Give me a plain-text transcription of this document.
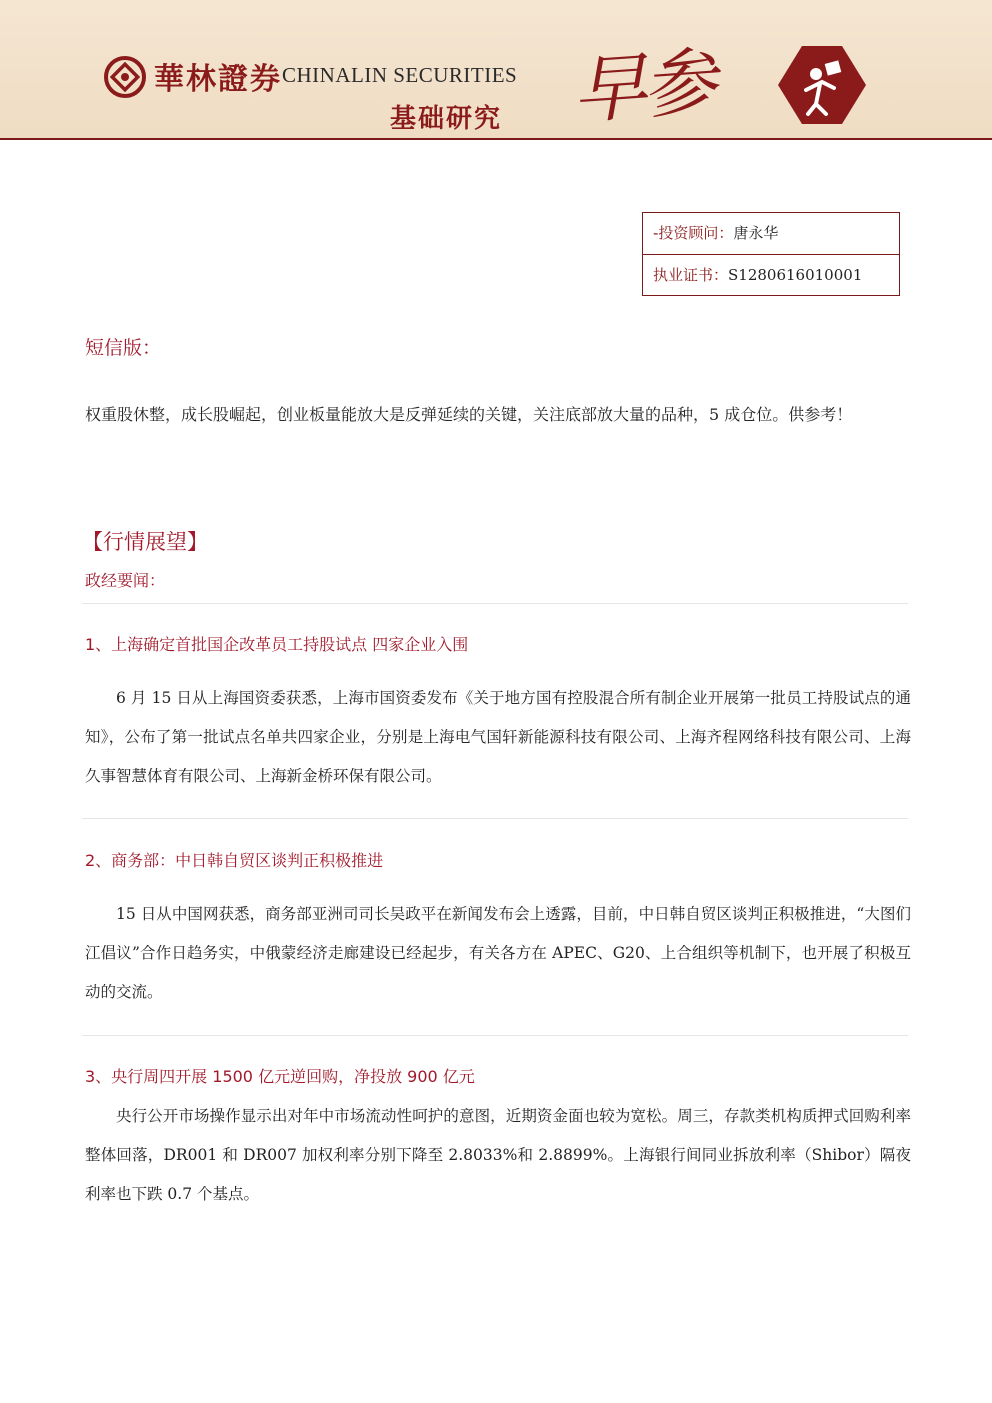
華林證券 CHINALIN SECURITIES
基础研究 早参
-投资顾问：唐永华
执业证书：S1280616010001
短信版：
权重股休整，成长股崛起，创业板量能放大是反弹延续的关键，关注底部放大量的品种，5 成仓位。供参考！
【行情展望】
政经要闻：
1、上海确定首批国企改革员工持股试点 四家企业入围
6 月 15 日从上海国资委获悉，上海市国资委发布《关于地方国有控股混合所有制企业开展第一批员工持股试点的通知》，公布了第一批试点名单共四家企业，分别是上海电气国轩新能源科技有限公司、上海齐程网络科技有限公司、上海久事智慧体育有限公司、上海新金桥环保有限公司。
2、商务部：中日韩自贸区谈判正积极推进
15 日从中国网获悉，商务部亚洲司司长吴政平在新闻发布会上透露，目前，中日韩自贸区谈判正积极推进，“大图们江倡议”合作日趋务实，中俄蒙经济走廊建设已经起步，有关各方在 APEC、G20、上合组织等机制下，也开展了积极互动的交流。
3、央行周四开展 1500 亿元逆回购，净投放 900 亿元
央行公开市场操作显示出对年中市场流动性呵护的意图，近期资金面也较为宽松。周三，存款类机构质押式回购利率整体回落，DR001 和 DR007 加权利率分别下降至 2.8033%和 2.8899%。上海银行间同业拆放利率（Shibor）隔夜利率也下跌 0.7 个基点。
